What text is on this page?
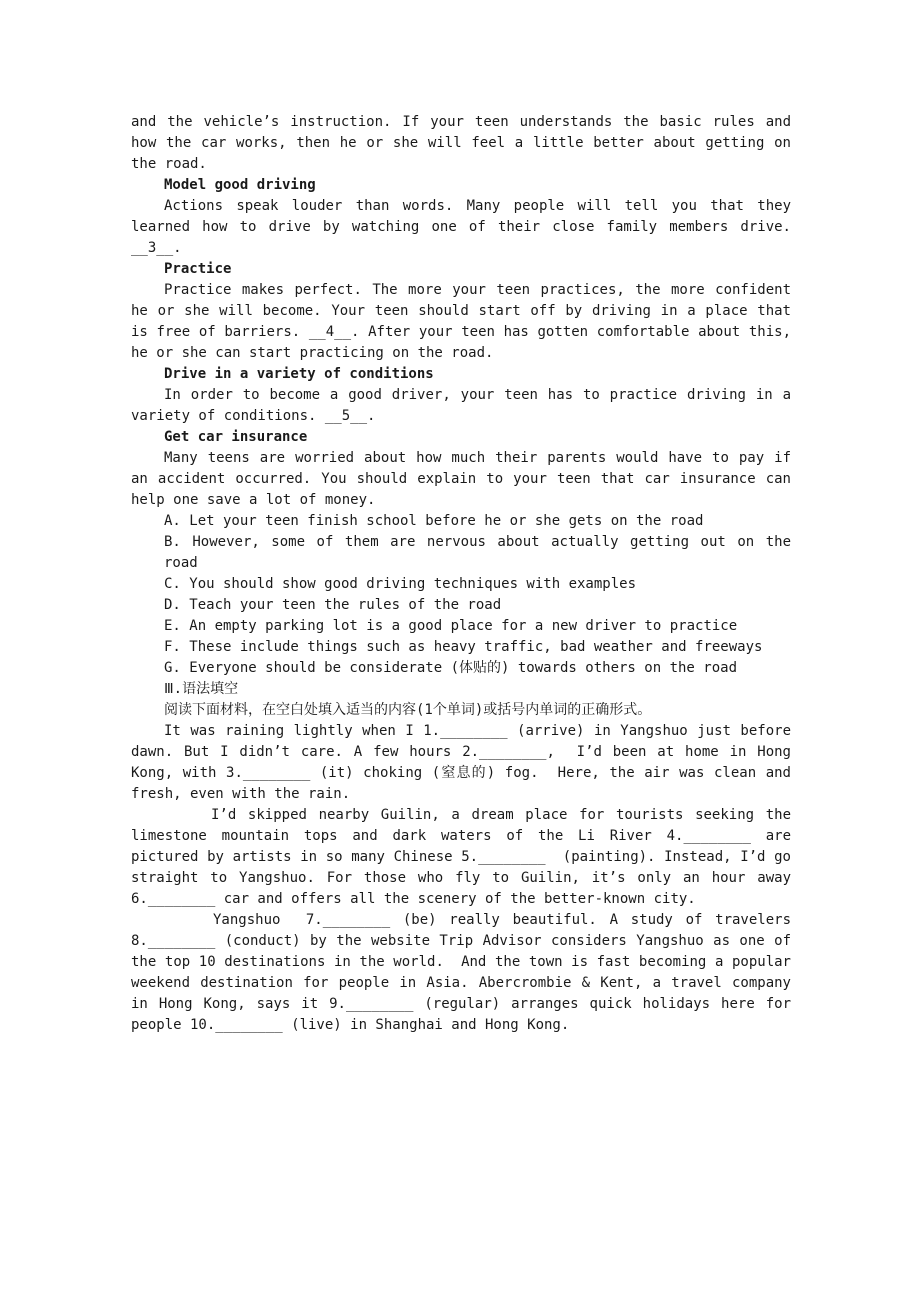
and the vehicle’s instruction. If your teen understands the basic rules and how the car works, then he or she will feel a little better about getting on the road.

Model good driving

Actions speak louder than words. Many people will tell you that they learned how to drive by watching one of their close family members drive. __3__.

Practice

Practice makes perfect. The more your teen practices, the more confident he or she will become. Your teen should start off by driving in a place that is free of barriers. __4__. After your teen has gotten comfortable about this, he or she can start practicing on the road.

Drive in a variety of conditions

In order to become a good driver, your teen has to practice driving in a variety of conditions. __5__.

Get car insurance

Many teens are worried about how much their parents would have to pay if an accident occurred. You should explain to your teen that car insurance can help one save a lot of money.

A. Let your teen finish school before he or she gets on the road

B. However, some of them are nervous about actually getting out on the road

C. You should show good driving techniques with examples

D. Teach your teen the rules of the road

E. An empty parking lot is a good place for a new driver to practice

F. These include things such as heavy traffic, bad weather and freeways

G. Everyone should be considerate (体贴的) towards others on the road

Ⅲ.语法填空

阅读下面材料，在空白处填入适当的内容(1个单词)或括号内单词的正确形式。

It was raining lightly when I 1.________ (arrive) in Yangshuo just before dawn. But I didn’t care. A few hours 2.________,  I’d been at home in Hong Kong, with 3.________ (it) choking (窒息的) fog.  Here, the air was clean and fresh, even with the rain.

I’d skipped nearby Guilin, a dream place for tourists seeking the limestone mountain tops and dark waters of the Li River 4.________ are pictured by artists in so many Chinese 5.________  (painting). Instead, I’d go straight to Yangshuo. For those who fly to Guilin, it’s only an hour away  6.________ car and offers all the scenery of the better-known city.

Yangshuo  7.________ (be) really beautiful. A study of travelers 8.________ (conduct) by the website Trip Advisor considers Yangshuo as one of the top 10 destinations in the world.  And the town is fast becoming a popular weekend destination for people in Asia. Abercrombie & Kent, a travel company in Hong Kong, says it 9.________ (regular) arranges quick holidays here for people 10.________ (live) in Shanghai and Hong Kong.
